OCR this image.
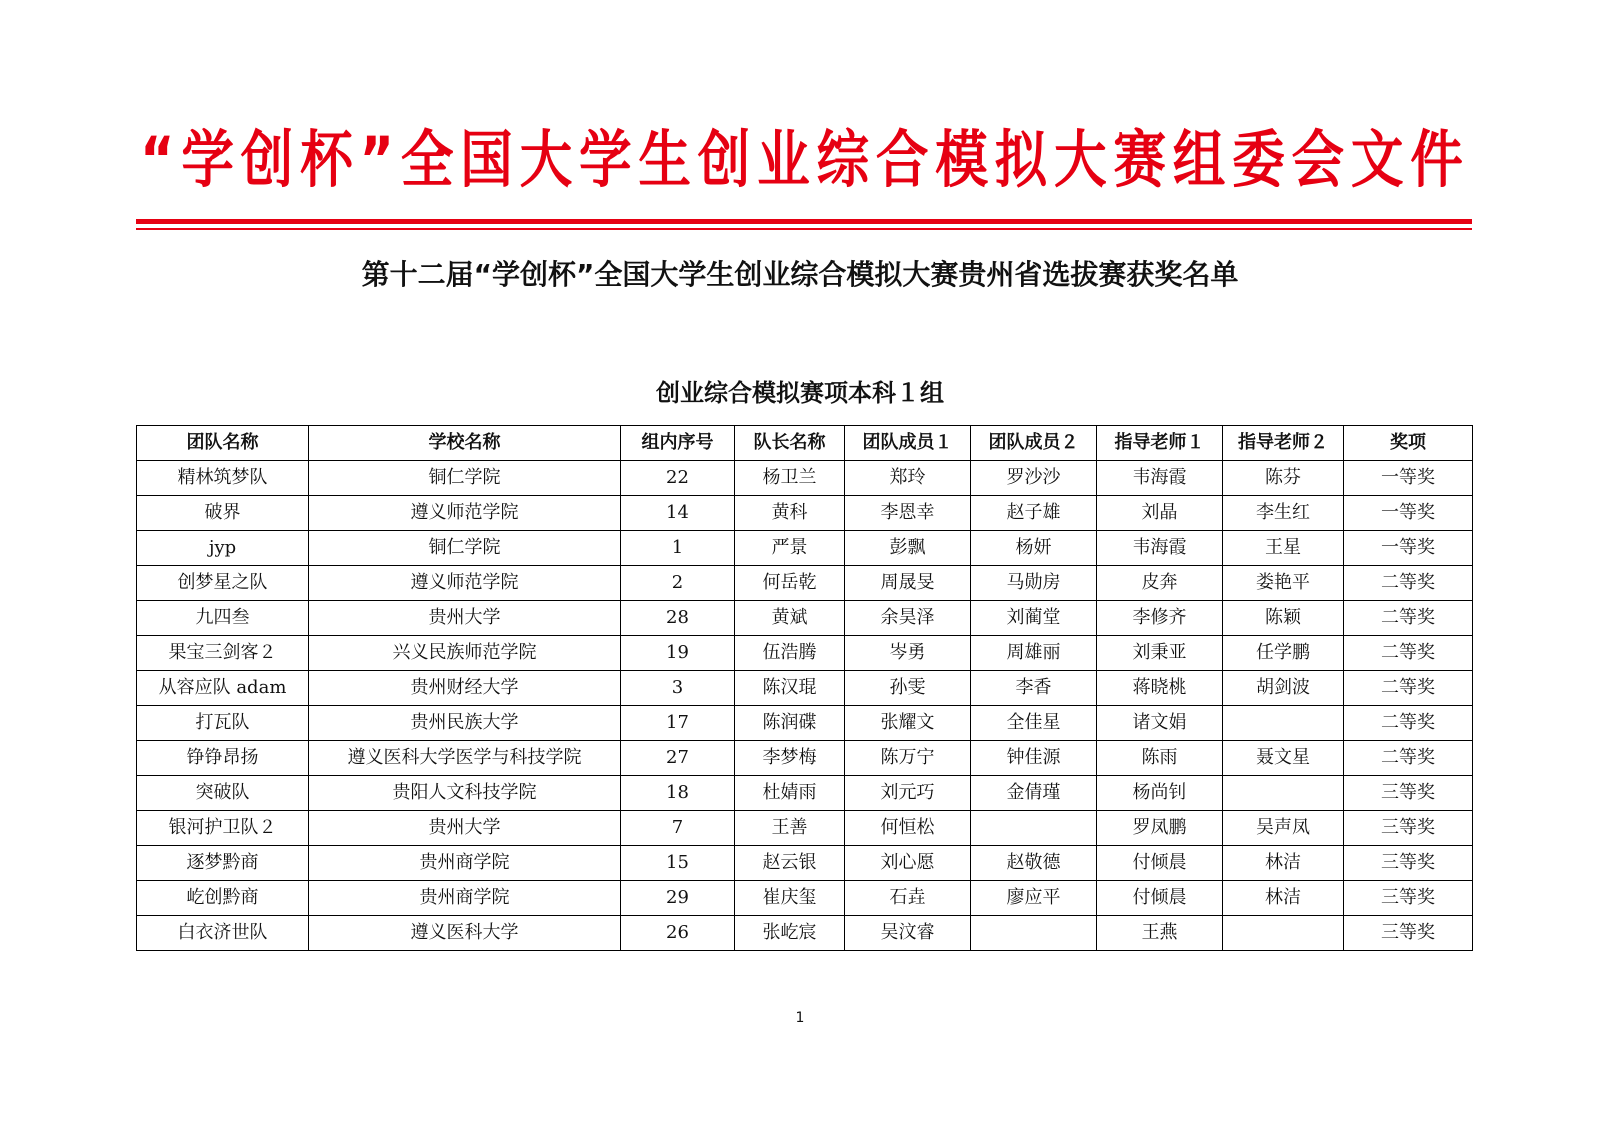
“学创杯”全国大学生创业综合模拟大赛组委会文件
第十二届“学创杯”全国大学生创业综合模拟大赛贵州省选拔赛获奖名单
创业综合模拟赛项本科１组
团队名称	学校名称	组内序号	队长名称	团队成员１	团队成员２	指导老师１	指导老师２	奖项
精林筑梦队	铜仁学院	22	杨卫兰	郑玲	罗沙沙	韦海霞	陈芬	一等奖
破界	遵义师范学院	14	黄科	李恩幸	赵子雄	刘晶	李生红	一等奖
jyp	铜仁学院	1	严景	彭飘	杨妍	韦海霞	王星	一等奖
创梦星之队	遵义师范学院	2	何岳乾	周晟旻	马勋房	皮奔	娄艳平	二等奖
九四叁	贵州大学	28	黄斌	余昊泽	刘蔺堂	李修齐	陈颖	二等奖
果宝三剑客２	兴义民族师范学院	19	伍浩腾	岑勇	周雄丽	刘秉亚	任学鹏	二等奖
从容应队 adam	贵州财经大学	3	陈汉琨	孙雯	李香	蒋晓桃	胡剑波	二等奖
打瓦队	贵州民族大学	17	陈润碟	张耀文	全佳星	诸文娟		二等奖
铮铮昂扬	遵义医科大学医学与科技学院	27	李梦梅	陈万宁	钟佳源	陈雨	聂文星	二等奖
突破队	贵阳人文科技学院	18	杜婧雨	刘元巧	金倩瑾	杨尚钊		三等奖
银河护卫队２	贵州大学	7	王善	何恒松		罗凤鹏	吴声凤	三等奖
逐梦黔商	贵州商学院	15	赵云银	刘心愿	赵敬德	付倾晨	林洁	三等奖
屹创黔商	贵州商学院	29	崔庆玺	石垚	廖应平	付倾晨	林洁	三等奖
白衣济世队	遵义医科大学	26	张屹宸	吴汶睿		王燕		三等奖
1
